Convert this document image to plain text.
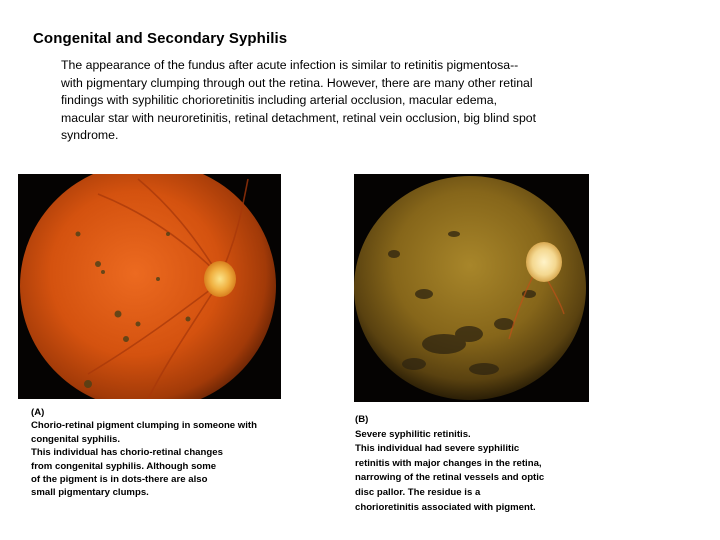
Congenital and Secondary Syphilis
The appearance of the fundus after acute infection is similar to retinitis pigmentosa--
with pigmentary clumping through out the retina. However, there are many other retinal
findings with syphilitic chorioretinitis including arterial occlusion, macular edema,
macular star with neuroretinitis, retinal detachment, retinal vein occlusion, big blind spot
syndrome.
(A)
Chorio-retinal pigment clumping in someone with
congenital syphilis.
This individual has chorio-retinal changes
from congenital syphilis. Although some
of the pigment is in dots-there are also
small pigmentary clumps.
(B)
Severe syphilitic retinitis.
This individual had severe syphilitic
retinitis with major changes in the retina,
narrowing of the retinal vessels and optic
disc pallor. The residue is a
chorioretinitis associated with pigment.
